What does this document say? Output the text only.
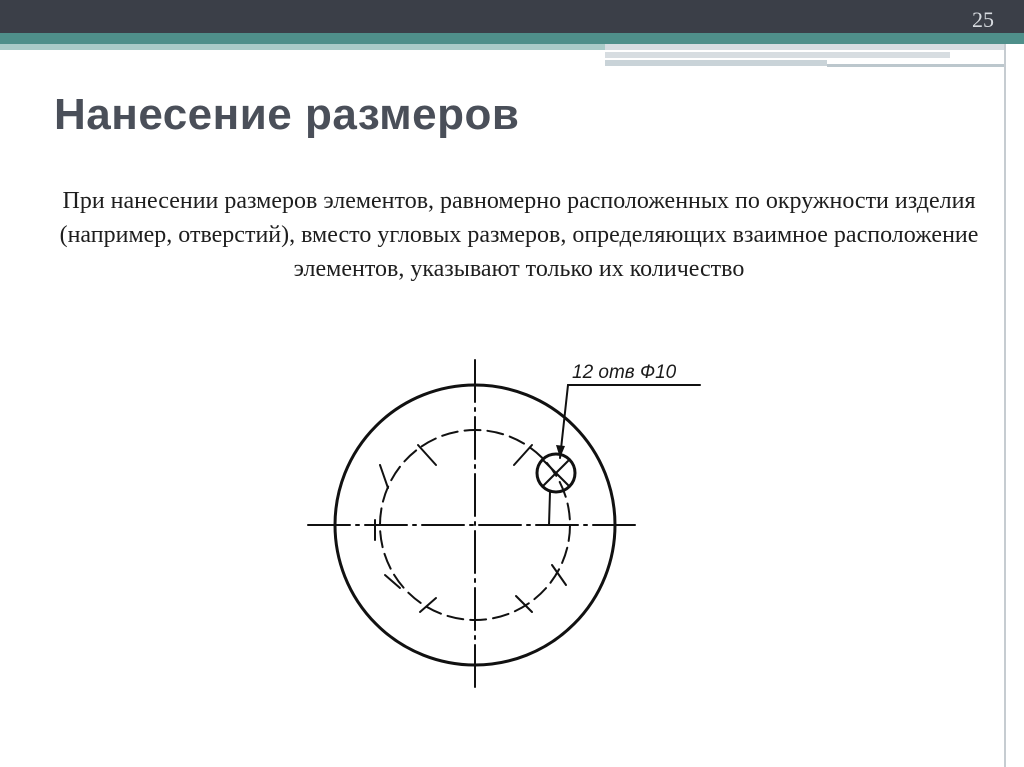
25
Нанесение размеров
При нанесении размеров элементов, равномерно расположенных по окружности изделия (например, отверстий), вместо угловых размеров, определяющих взаимное расположение элементов, указывают только их количество
12 отв Ф10
